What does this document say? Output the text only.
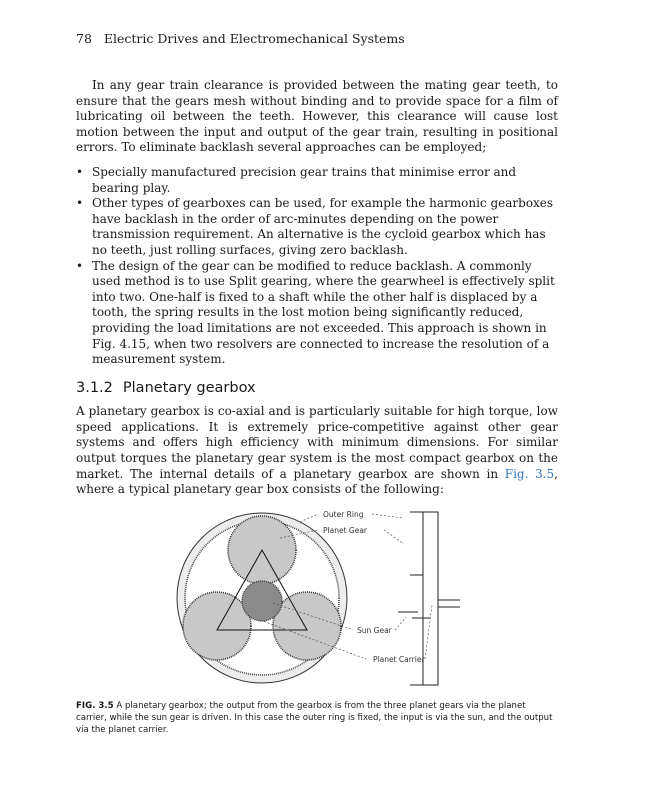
78 Electric Drives and Electromechanical Systems

In any gear train clearance is provided between the mating gear teeth, to ensure that the gears mesh without binding and to provide space for a film of lubricating oil between the teeth. However, this clearance will cause lost motion between the input and output of the gear train, resulting in positional errors. To eliminate backlash several approaches can be employed;

• Specially manufactured precision gear trains that minimise error and bearing play.
• Other types of gearboxes can be used, for example the harmonic gearboxes have backlash in the order of arc-minutes depending on the power transmission requirement. An alternative is the cycloid gearbox which has no teeth, just rolling surfaces, giving zero backlash.
• The design of the gear can be modified to reduce backlash. A commonly used method is to use Split gearing, where the gearwheel is effectively split into two. One-half is fixed to a shaft while the other half is displaced by a tooth, the spring results in the lost motion being significantly reduced, providing the load limitations are not exceeded. This approach is shown in Fig. 4.15, when two resolvers are connected to increase the resolution of a measurement system.
3.1.2 Planetary gearbox

A planetary gearbox is co-axial and is particularly suitable for high torque, low speed applications. It is extremely price-competitive against other gear systems and offers high efficiency with minimum dimensions. For similar output torques the planetary gear system is the most compact gearbox on the market. The internal details of a planetary gearbox are shown in Fig. 3.5, where a typical planetary gear box consists of the following:

Outer Ring
Planet Gear
Sun Gear
Planet Carrier
FIG. 3.5 A planetary gearbox; the output from the gearbox is from the three planet gears via the planet carrier, while the sun gear is driven. In this case the outer ring is fixed, the input is via the sun, and the output via the planet carrier.
